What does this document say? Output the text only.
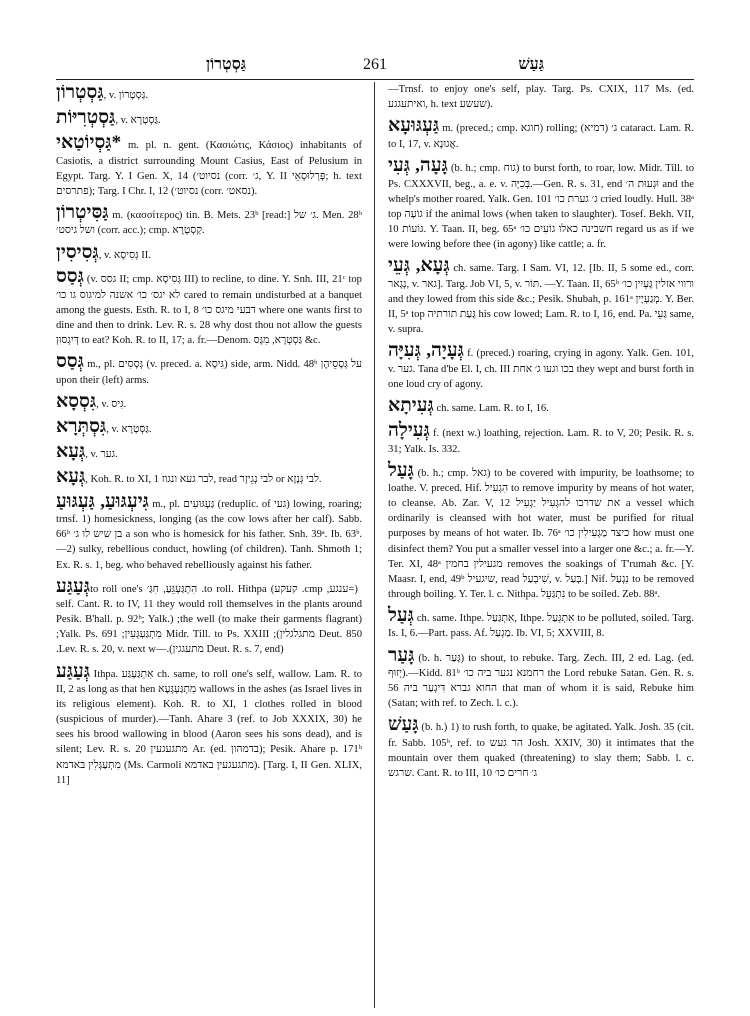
גַּסְטְרוֹן	261	גַּעַשׁ

גַּסְטְרוֹן, v. גַּסְטְרוֹן.

גַּסְטְרִיּוֹת, v. גַּסְטְרָא.

*גַּסְיוֹטַאי m. pl. n. gent. (Κασιώτις, Κάσιος) inhabitants of Casiotis, a district surrounding Mount Casius, East of Pelusium in Egypt. Targ. Y. I Gen. X, 14 (נסיוט׳ (corr. ג׳, Y. II פְּרְלוּסְאֵי; h. text פתרסים); Targ. I Chr. I, 12 (נסיוט׳ (corr. נסאט׳).

גַּסִּיטְרוֹן m. (κασσίτερος) tin. B. Mets. 23ᵇ [read:] ג׳ של. Men. 28ᵇ ושל גיסט׳ (corr. acc.); cmp. קַסְטְרָא.

גְּסִיסִין, v. גְּסִיסָא II.

גְּסַס (v. גסס II; cmp. גְּסִיסָא III) to recline, to dine. Y. Snh. III, 21ᶜ top לא יגס׳ כו׳ אשנה למיגוס גו כו׳ cared to remain undisturbed at a banquet among the guests. Esth. R. to I, 8 דבעי מיגס כו׳ where one wants first to dine and then to drink. Lev. R. s. 28 why dost thou not allow the guests דְּיִגְסוּן to eat? Koh. R. to II, 17; a. fr.—Denom. גַּסְטְרָא, מִגָּס &c.

גְּסַס m., pl. גְּסָסִים (v. preced. a. גִּיסָא) side, arm. Nidd. 48ᵇ על גְּסָסֵיהֶן upon their (left) arms.

גִּסְסָא, v. גִּיס.

גִּסְתְּרָא, v. גַּסְטְרָא.

גְּעָא, v. גער.

גְּעָא, Koh. R. to XI, 1 לבר געא ונגוז, read לבי נְגֵיזָר or לבי גְּנָזָא.

גִּיעְגּוּעַ, גַּעְגּוּעַ m., pl. גַּעְגּוּעִים (reduplic. of געי) lowing, roaring; trnsf. 1) homesickness, longing (as the cow lows after her calf). Sabb. 66ᵇ בן שיש לו ג׳ a son who is homesick for his father. Snh. 39ᵃ. Ib. 63ᵇ.—2) sulky, rebellious conduct, howling (of children). Tanh. Shmoth 1; Ex. R. s. 1, beg. who behaved rebelliously against his father.

גְּעַגַּע (=ענגע, cmp. קעקע) to roll. Hithpa. הִתְגַּעְגֵּעַ, חִגַּ׳ to roll one's self. Cant. R. to IV, 11 they would roll themselves in the plants around the well (to make their garments flagrant); (Pesik. B'hall. p. 92ᵇ; Yalk. Deut. 850 מתגלגלין); Midr. Till. to Ps. XXIII מִתְגַּעְגְּעִין; Yalk. Ps. 691; (Deut. R. s. 7, end מתעגגין).—Lev. R. s. 20, v. next w.

גְּעַגַּע Ithpa. אִתְגַּעְגַּע ch. same, to roll one's self, wallow. Lam. R. to II, 2 as long as that hen מִתְגַּעְגְּעָא wallows in the ashes (as Israel lives in its religious element). Koh. R. to XI, 1 clothes rolled in blood (suspicious of murder).—Tanh. Ahare 3 (ref. to Job XXXIX, 30) he sees his brood wallowing in blood (Aaron sees his sons dead), and is silent; Lev. R. s. 20 מתגעגעין Ar. (ed. בדמהון); Pesik. Ahare p. 171ᵇ מִתְעַגְּלִין בּאדמא (Ms. Carmoli מתגעגעין באדמא). [Targ. I, II Gen. XLIX, 11]

—Trnsf. to enjoy one's self, play. Targ. Ps. CXIX, 117 Ms. (ed. ואיתעגגע, h. text שעשע).

גַּעְגּוּעָא m. (preced.; cmp. חוגא) rolling; ג׳ (דמיא) cataract. Lam. R. to I, 17, v. אֲגוּנָא.

גָּעָה, גְּעִי (b. h.; cmp. גוח) to burst forth, to roar, low. Midr. Till. to Ps. CXXXVII, beg., a. e. v. בְּכִיָּה.—Gen. R. s. 31, end וּגְעוּת ה׳ and the whelp's mother roared. Yalk. Gen. 101 ג׳ גערת כו׳ cried loudly. Hull. 38ᵃ top גוֹעָה if the animal lows (when taken to slaughter). Tosef. Bekh. VII, 10 גּוֹעוֹת. Y. Taan. II, beg. 65ᵃ חשבינה כאלו גוֹעִים כו׳ regard us as if we were lowing before thee (in agony) like cattle; a. fr.

גְּעָא, גְּעֵי ch. same. Targ. I Sam. VI, 12. [Ib. II, 5 some ed., corr. נְגָאר, v. גאר]. Targ. Job VI, 5, v. תּוֹר. —Y. Taan. II, 65ᵇ ורווי אזלין גָּעְיִין כו׳ and they lowed from this side &c.; Pesik. Shubah, p. 161ᵃ מְגַעְיָין. Y. Ber. II, 5ᵃ top גָּעַת תורתיה his cow lowed; Lam. R. to I, 16, end. Pa. גַּעֵי same, v. supra.

גְּעָיָה, גְּעִיָּה f. (preced.) roaring, crying in agony. Yalk. Gen. 101, v. גער. Tana d'be El. I, ch. III בכו וגעו ג׳ אחת they wept and burst forth in one loud cry of agony.

גְּעִיתָא ch. same. Lam. R. to I, 16.

גְּעִילָה f. (next w.) loathing, rejection. Lam. R. to V, 20; Pesik. R. s. 31; Yalk. Is. 332.

גָּעַל (b. h.; cmp. גאל) to be covered with impurity, be loathsome; to loathe. V. preced. Hif. הִגְעִיל to remove impurity by means of hot water, to cleanse. Ab. Zar. V, 12 את שדרכו להגְעִיל יַגְעִיל a vessel which ordinarily is cleansed with hot water, must be purified for ritual purposes by means of hot water. Ib. 76ᵃ כיצד מַגְעִילִין כו׳ how must one disinfect them? You put a smaller vessel into a larger one &c.; a. fr.—Y. Ter. XI, 48ᵃ מגעילין בחמין removes the soakings of T'rumah &c. [Y. Maasr. I, end, 49ᵇ שיגעיל, read שִׁיבְעַל, v. בָּעַל.] Nif. נִגְעַל to be removed through boiling. Y. Ter. l. c. Nithpa. נִתְגַּעֵל to be soiled. Zeb. 88ᵃ.

גְּעַל ch. same. Ithpe. אִתְגַּעַל, Ithpe. אִתְגְּעַל to be polluted, soiled. Targ. Is. I, 6.—Part. pass. Af. מַגְעַל. Ib. VI, 5; XXVIII, 8.

גָּעַר (b. h. גָּעַר) to shout, to rebuke. Targ. Zech. III, 2 ed. Lag. (ed. יְזוּף).—Kidd. 81ᵇ רחמנא נגער ביה כו׳ the Lord rebuke Satan. Gen. R. s. 56 החוא גברא דִּיגְעַר ביה that man of whom it is said, Rebuke him (Satan; with ref. to Zech. l. c.).

גָּעַשׁ (b. h.) 1) to rush forth, to quake, be agitated. Yalk. Josh. 35 (cit. fr. Sabb. 105ᵇ, ref. to הר געש Josh. XXIV, 30) it intimates that the mountain over them quaked (threatening) to slay them; Sabb. l. c. שרגש. Cant. R. to III, 10 ג׳ חרים כו׳
